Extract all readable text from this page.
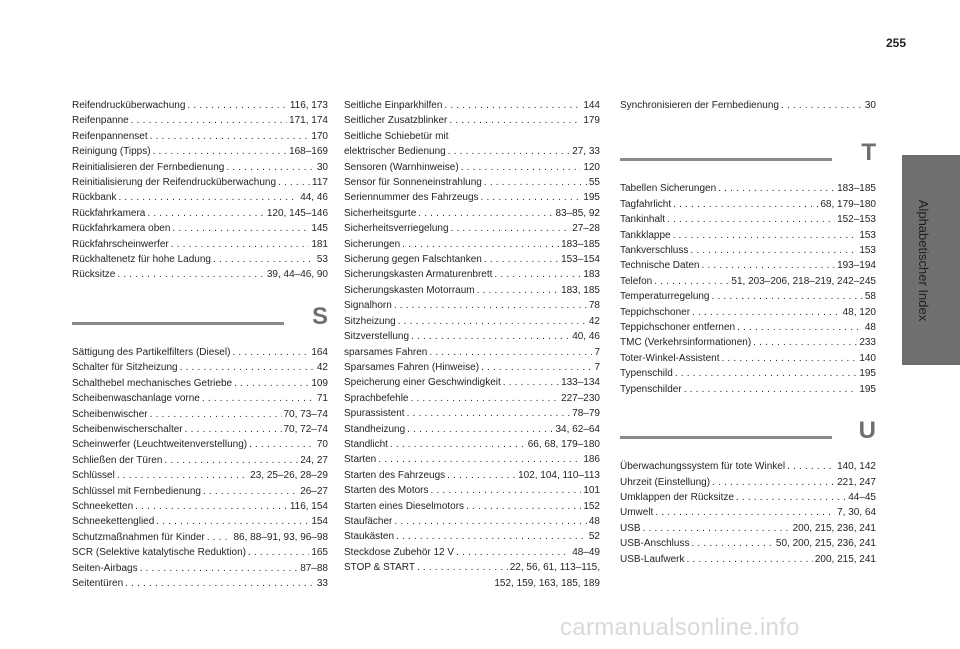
255
Alphabetischer Index
Reifendrucküberwachung . . .	116, 173
Reifenpanne . . .	171, 174
Reifenpannenset . . .	170
Reinigung (Tipps) . . .	168–169
Reinitialisieren der Fernbedienung . . .	30
Reinitialisierung der Reifendrucküberwachung . . .	117
Rückbank . . .	44, 46
Rückfahrkamera . . .	120, 145–146
Rückfahrkamera oben . . .	145
Rückfahrscheinwerfer . . .	181
Rückhaltenetz für hohe Ladung . . .	53
Rücksitze . . .	39, 44–46, 90
S
Sättigung des Partikelfilters (Diesel) . . .	164
Schalter für Sitzheizung . . .	42
Schalthebel mechanisches Getriebe . . .	109
Scheibenwaschanlage vorne . . .	71
Scheibenwischer . . .	70, 73–74
Scheibenwischerschalter . . .	70, 72–74
Scheinwerfer (Leuchtweitenverstellung) . . .	70
Schließen der Türen . . .	24, 27
Schlüssel . . .	23, 25–26, 28–29
Schlüssel mit Fernbedienung . . .	26–27
Schneeketten . . .	116, 154
Schneekettenglied . . .	154
Schutzmaßnahmen für Kinder . . .	86, 88–91, 93, 96–98
SCR (Selektive katalytische Reduktion) . . .	165
Seiten-Airbags . . .	87–88
Seitentüren . . .	33
Seitliche Einparkhilfen . . .	144
Seitlicher Zusatzblinker . . .	179
Seitliche Schiebetür mit
elektrischer Bedienung . . .	27, 33
Sensoren (Warnhinweise) . . .	120
Sensor für Sonneneinstrahlung . . .	55
Seriennummer des Fahrzeugs . . .	195
Sicherheitsgurte . . .	83–85, 92
Sicherheitsverriegelung . . .	27–28
Sicherungen . . .	183–185
Sicherung gegen Falschtanken . . .	153–154
Sicherungskasten Armaturenbrett . . .	183
Sicherungskasten Motorraum . . .	183, 185
Signalhorn . . .	78
Sitzheizung . . .	42
Sitzverstellung . . .	40, 46
sparsames Fahren . . .	7
Sparsames Fahren (Hinweise) . . .	7
Speicherung einer Geschwindigkeit . . .	133–134
Sprachbefehle . . .	227–230
Spurassistent . . .	78–79
Standheizung . . .	34, 62–64
Standlicht . . .	66, 68, 179–180
Starten . . .	186
Starten des Fahrzeugs . . .	102, 104, 110–113
Starten des Motors . . .	101
Starten eines Dieselmotors . . .	152
Staufächer . . .	48
Staukästen . . .	52
Steckdose Zubehör 12 V . . .	48–49
STOP & START . . .	22, 56, 61, 113–115,
152, 159, 163, 185, 189
Synchronisieren der Fernbedienung . . .	30
T
Tabellen Sicherungen . . .	183–185
Tagfahrlicht . . .	68, 179–180
Tankinhalt . . .	152–153
Tankklappe . . .	153
Tankverschluss . . .	153
Technische Daten . . .	193–194
Telefon . . .	51, 203–206, 218–219, 242–245
Temperaturregelung . . .	58
Teppichschoner . . .	48, 120
Teppichschoner entfernen . . .	48
TMC (Verkehrsinformationen) . . .	233
Toter-Winkel-Assistent . . .	140
Typenschild . . .	195
Typenschilder . . .	195
U
Überwachungssystem für tote Winkel . . .	140, 142
Uhrzeit (Einstellung) . . .	221, 247
Umklappen der Rücksitze . . .	44–45
Umwelt . . .	7, 30, 64
USB . . .	200, 215, 236, 241
USB-Anschluss . . .	50, 200, 215, 236, 241
USB-Laufwerk . . .	200, 215, 241
carmanualsonline.info
